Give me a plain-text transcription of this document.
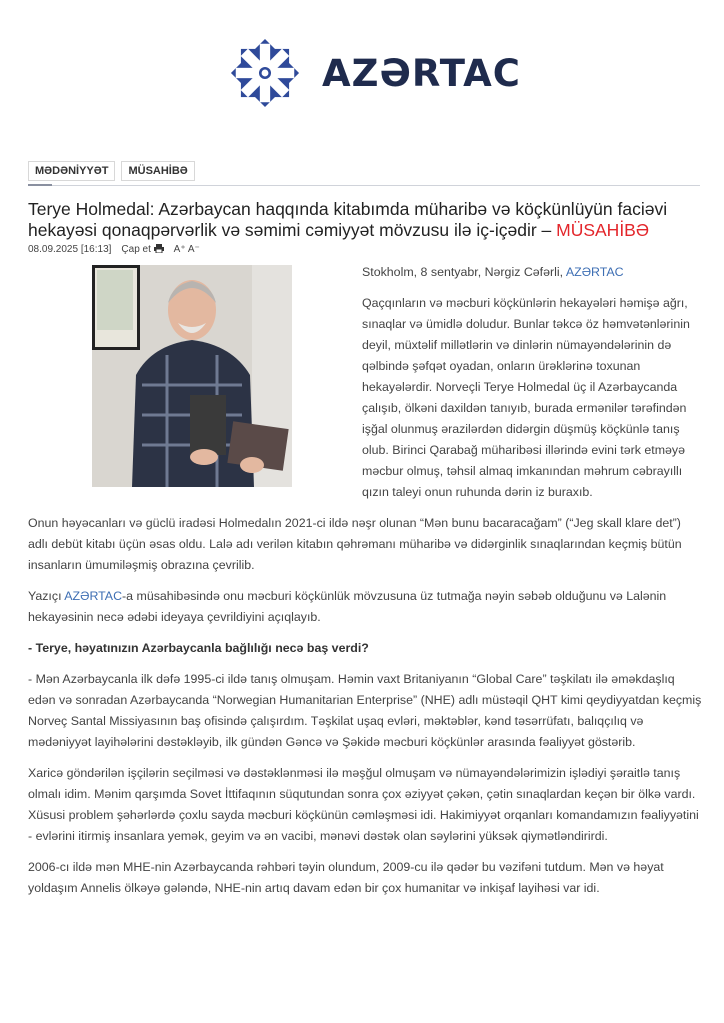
AZƏRTAC
MƏDƏNİYYƏT	MÜSAHİBƏ
Terye Holmedal: Azərbaycan haqqında kitabımda müharibə və köçkünlüyün faciəvi hekayəsi qonaqpərvərlik və səmimi cəmiyyət mövzusu ilə iç-içədir – MÜSAHİBƏ
08.09.2025 [16:13] Çap et	A⁺ A⁻

Stokholm, 8 sentyabr, Nərgiz Cəfərli, AZƏRTAC

Qaçqınların və məcburi köçkünlərin hekayələri həmişə ağrı, sınaqlar və ümidlə doludur. Bunlar təkcə öz həmvətənlərinin deyil, müxtəlif millətlərin və dinlərin nümayəndələrinin də qəlbində şəfqət oyadan, onların ürəklərinə toxunan hekayələrdir. Norveçli Terye Holmedal üç il Azərbaycanda çalışıb, ölkəni daxildən tanıyıb, burada ermənilər tərəfindən işğal olunmuş ərazilərdən didərgin düşmüş köçkünlə tanış olub. Birinci Qarabağ müharibəsi illərində evini tərk etməyə məcbur olmuş, təhsil almaq imkanından məhrum cəbrayıllı qızın taleyi onun ruhunda dərin iz buraxıb.

Onun həyəcanları və güclü iradəsi Holmedalın 2021-ci ildə nəşr olunan “Mən bunu bacaracağam” (“Jeg skall klare det”) adlı debüt kitabı üçün əsas oldu. Lalə adı verilən kitabın qəhrəmanı müharibə və didərginlik sınaqlarından keçmiş bütün insanların ümumiləşmiş obrazına çevrilib.

Yazıçı AZƏRTAC-a müsahibəsində onu məcburi köçkünlük mövzusuna üz tutmağa nəyin səbəb olduğunu və Lalənin hekayəsinin necə ədəbi ideyaya çevrildiyini açıqlayıb.

- Terye, həyatınızın Azərbaycanla bağlılığı necə baş verdi?

- Mən Azərbaycanla ilk dəfə 1995-ci ildə tanış olmuşam. Həmin vaxt Britaniyanın “Global Care” təşkilatı ilə əməkdaşlıq edən və sonradan Azərbaycanda “Norwegian Humanitarian Enterprise” (NHE) adlı müstəqil QHT kimi qeydiyyatdan keçmiş Norveç Santal Missiyasının baş ofisində çalışırdım. Təşkilat uşaq evləri, məktəblər, kənd təsərrüfatı, balıqçılıq və mədəniyyət layihələrini dəstəkləyib, ilk gündən Gəncə və Şəkidə məcburi köçkünlər arasında fəaliyyət göstərib.

Xaricə göndərilən işçilərin seçilməsi və dəstəklənməsi ilə məşğul olmuşam və nümayəndələrimizin işlədiyi şəraitlə tanış olmalı idim. Mənim qarşımda Sovet İttifaqının süqutundan sonra çox əziyyət çəkən, çətin sınaqlardan keçən bir ölkə vardı. Xüsusi problem şəhərlərdə çoxlu sayda məcburi köçkünün cəmləşməsi idi. Hakimiyyət orqanları komandamızın fəaliyyətini - evlərini itirmiş insanlara yemək, geyim və ən vacibi, mənəvi dəstək olan səylərini yüksək qiymətləndirirdi.

2006-cı ildə mən MHE-nin Azərbaycanda rəhbəri təyin olundum, 2009-cu ilə qədər bu vəzifəni tutdum. Mən və həyat yoldaşım Annelis ölkəyə gələndə, NHE-nin artıq davam edən bir çox humanitar və inkişaf layihəsi var idi.
